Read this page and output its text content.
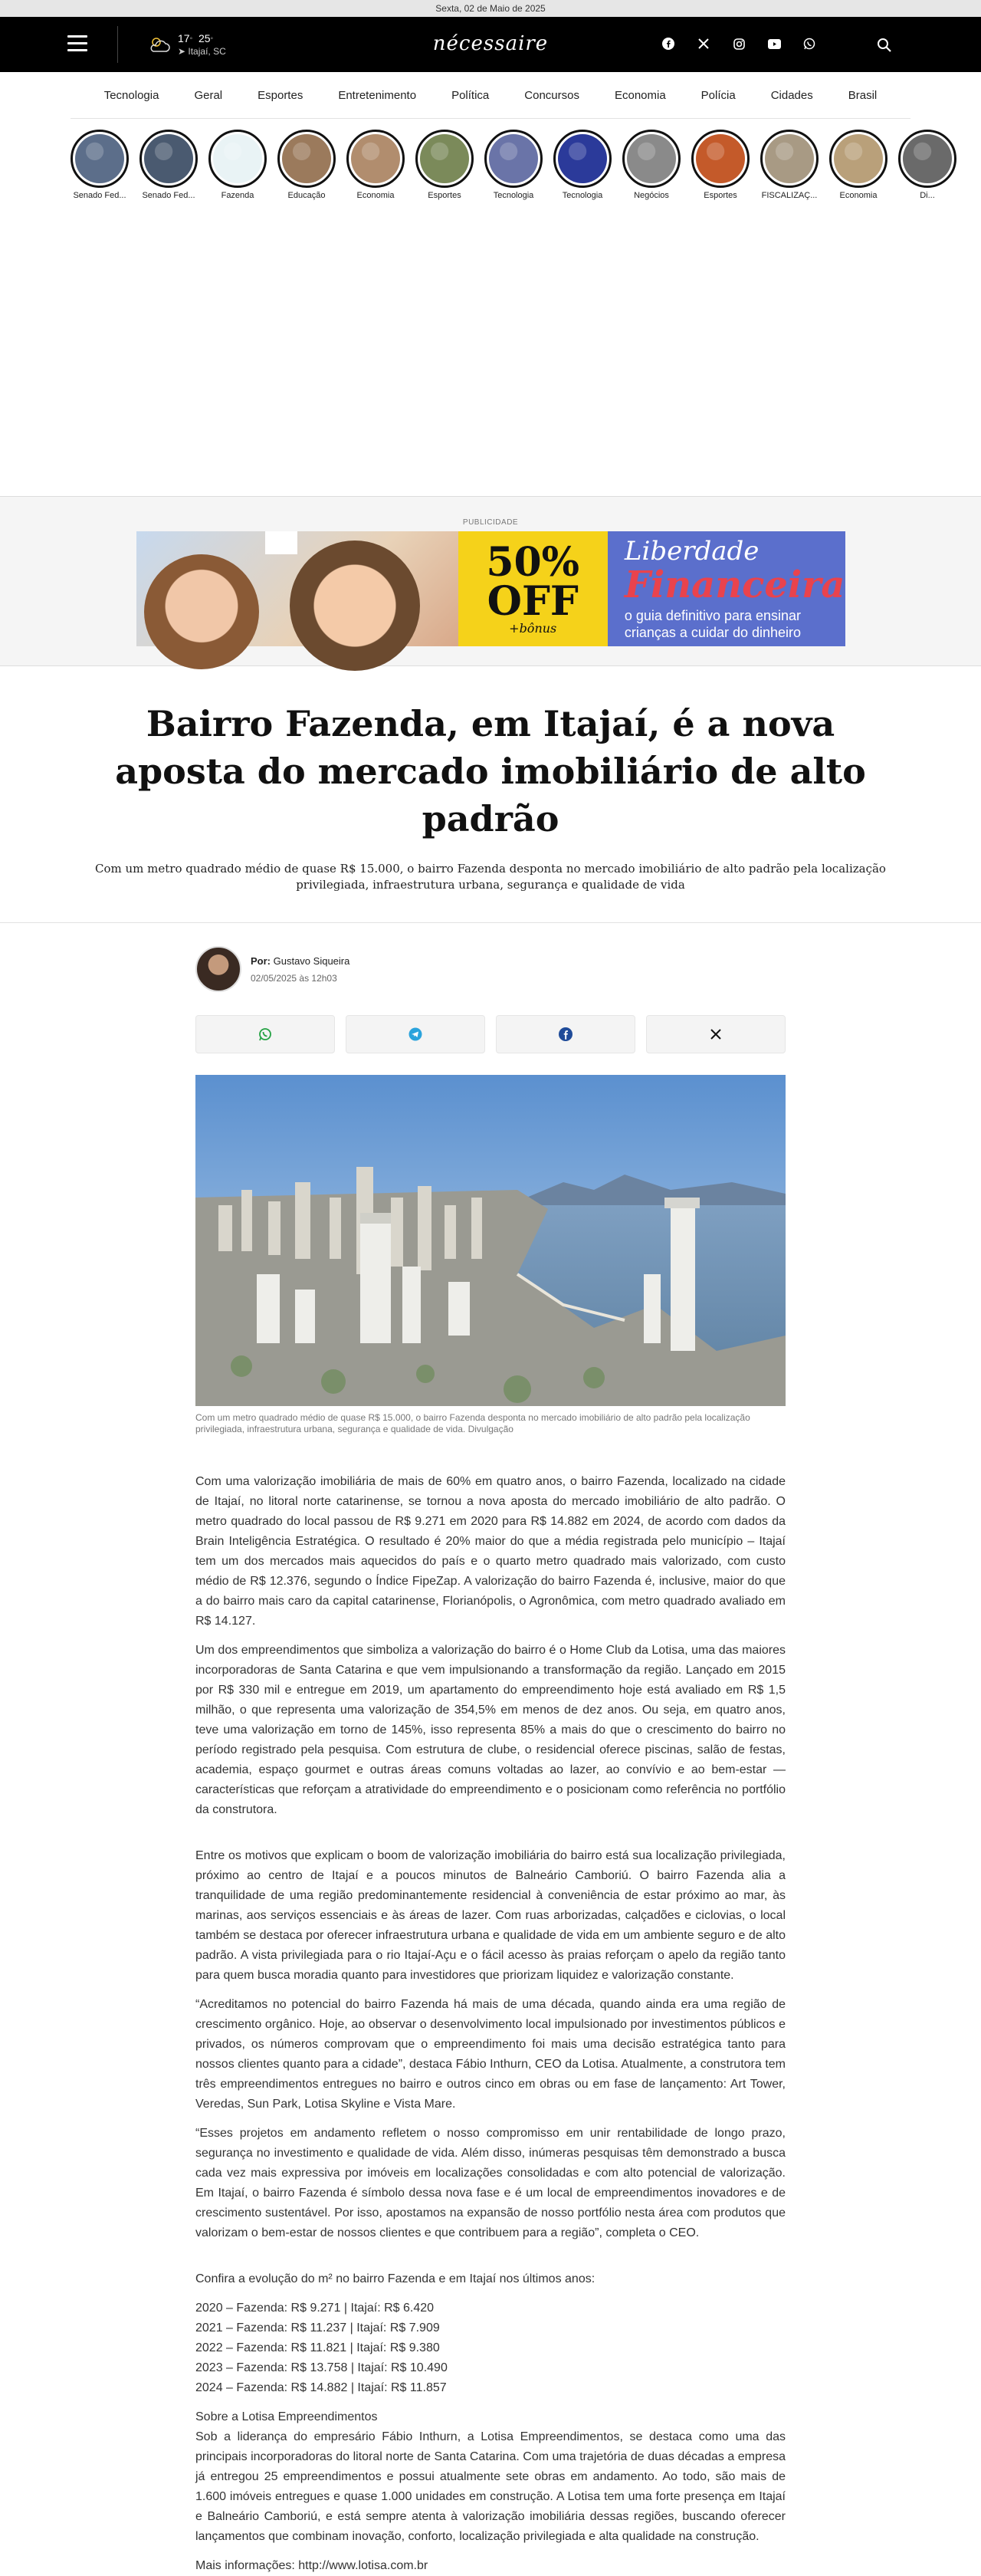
Sexta, 02 de Maio de 2025
17° 25°
➤ Itajaí, SC	nécessaire
Tecnologia	Geral	Esportes	Entretenimento	Política	Concursos	Economia	Polícia	Cidades	Brasil
Senado Fed...	Senado Fed...	Fazenda	Educação	Economia	Esportes	Tecnologia	Tecnologia	Negócios	Esportes	FISCALIZAÇ...	Economia	Di...
PUBLICIDADE
50%
OFF
+bônus
Liberdade
Financeira
o guia definitivo para ensinar crianças a cuidar do dinheiro
Bairro Fazenda, em Itajaí, é a nova aposta do mercado imobiliário de alto padrão
Com um metro quadrado médio de quase R$ 15.000, o bairro Fazenda desponta no mercado imobiliário de alto padrão pela localização privilegiada, infraestrutura urbana, segurança e qualidade de vida
Por: Gustavo Siqueira
02/05/2025 às 12h03
Com um metro quadrado médio de quase R$ 15.000, o bairro Fazenda desponta no mercado imobiliário de alto padrão pela localização privilegiada, infraestrutura urbana, segurança e qualidade de vida. Divulgação

Com uma valorização imobiliária de mais de 60% em quatro anos, o bairro Fazenda, localizado na cidade de Itajaí, no litoral norte catarinense, se tornou a nova aposta do mercado imobiliário de alto padrão. O metro quadrado do local passou de R$ 9.271 em 2020 para R$ 14.882 em 2024, de acordo com dados da Brain Inteligência Estratégica. O resultado é 20% maior do que a média registrada pelo município – Itajaí tem um dos mercados mais aquecidos do país e o quarto metro quadrado mais valorizado, com custo médio de R$ 12.376, segundo o Índice FipeZap. A valorização do bairro Fazenda é, inclusive, maior do que a do bairro mais caro da capital catarinense, Florianópolis, o Agronômica, com metro quadrado avaliado em R$ 14.127.

Um dos empreendimentos que simboliza a valorização do bairro é o Home Club da Lotisa, uma das maiores incorporadoras de Santa Catarina e que vem impulsionando a transformação da região. Lançado em 2015 por R$ 330 mil e entregue em 2019, um apartamento do empreendimento hoje está avaliado em R$ 1,5 milhão, o que representa uma valorização de 354,5% em menos de dez anos. Ou seja, em quatro anos, teve uma valorização em torno de 145%, isso representa 85% a mais do que o crescimento do bairro no período registrado pela pesquisa. Com estrutura de clube, o residencial oferece piscinas, salão de festas, academia, espaço gourmet e outras áreas comuns voltadas ao lazer, ao convívio e ao bem-estar — características que reforçam a atratividade do empreendimento e o posicionam como referência no portfólio da construtora.

Entre os motivos que explicam o boom de valorização imobiliária do bairro está sua localização privilegiada, próximo ao centro de Itajaí e a poucos minutos de Balneário Camboriú. O bairro Fazenda alia a tranquilidade de uma região predominantemente residencial à conveniência de estar próximo ao mar, às marinas, aos serviços essenciais e às áreas de lazer. Com ruas arborizadas, calçadões e ciclovias, o local também se destaca por oferecer infraestrutura urbana e qualidade de vida em um ambiente seguro e de alto padrão. A vista privilegiada para o rio Itajaí-Açu e o fácil acesso às praias reforçam o apelo da região tanto para quem busca moradia quanto para investidores que priorizam liquidez e valorização constante.

“Acreditamos no potencial do bairro Fazenda há mais de uma década, quando ainda era uma região de crescimento orgânico. Hoje, ao observar o desenvolvimento local impulsionado por investimentos públicos e privados, os números comprovam que o empreendimento foi mais uma decisão estratégica tanto para nossos clientes quanto para a cidade”, destaca Fábio Inthurn, CEO da Lotisa. Atualmente, a construtora tem três empreendimentos entregues no bairro e outros cinco em obras ou em fase de lançamento: Art Tower, Veredas, Sun Park, Lotisa Skyline e Vista Mare.

“Esses projetos em andamento refletem o nosso compromisso em unir rentabilidade de longo prazo, segurança no investimento e qualidade de vida. Além disso, inúmeras pesquisas têm demonstrado a busca cada vez mais expressiva por imóveis em localizações consolidadas e com alto potencial de valorização. Em Itajaí, o bairro Fazenda é símbolo dessa nova fase e é um local de empreendimentos inovadores e de crescimento sustentável. Por isso, apostamos na expansão de nosso portfólio nesta área com produtos que valorizam o bem-estar de nossos clientes e que contribuem para a região”, completa o CEO.

Confira a evolução do m² no bairro Fazenda e em Itajaí nos últimos anos:

2020 – Fazenda: R$ 9.271 | Itajaí: R$ 6.420
2021 – Fazenda: R$ 11.237 | Itajaí: R$ 7.909
2022 – Fazenda: R$ 11.821 | Itajaí: R$ 9.380
2023 – Fazenda: R$ 13.758 | Itajaí: R$ 10.490
2024 – Fazenda: R$ 14.882 | Itajaí: R$ 11.857

Sobre a Lotisa Empreendimentos

Sob a liderança do empresário Fábio Inthurn, a Lotisa Empreendimentos, se destaca como uma das principais incorporadoras do litoral norte de Santa Catarina. Com uma trajetória de duas décadas a empresa já entregou 25 empreendimentos e possui atualmente sete obras em andamento. Ao todo, são mais de 1.600 imóveis entregues e quase 1.000 unidades em construção. A Lotisa tem uma forte presença em Itajaí e Balneário Camboriú, e está sempre atenta à valorização imobiliária dessas regiões, buscando oferecer lançamentos que combinam inovação, conforto, localização privilegiada e alta qualidade na construção.

Mais informações: http://www.lotisa.com.br
